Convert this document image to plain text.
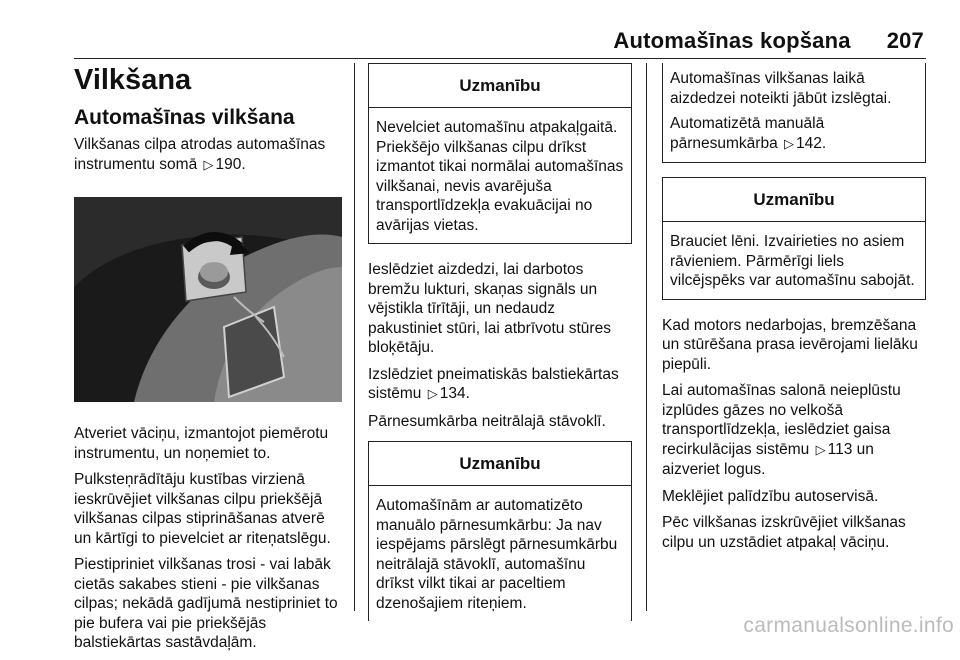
Automašīnas kopšana 207
Vilkšana
Automašīnas vilkšana

Vilkšanas cilpa atrodas automašīnas instrumentu somā ▷ 190.

Atveriet vāciņu, izmantojot piemērotu instrumentu, un noņemiet to.

Pulksteņrādītāju kustības virzienā ieskrūvējiet vilkšanas cilpu priekšējā vilkšanas cilpas stiprināšanas atverē un kārtīgi to pievelciet ar riteņatslēgu.

Piestipriniet vilkšanas trosi - vai labāk cietās sakabes stieni - pie vilkšanas cilpas; nekādā gadījumā nestipriniet to pie bufera vai pie priekšējās balstiekārtas sastāvdaļām.

Uzmanību

Nevelciet automašīnu atpakaļgaitā. Priekšējo vilkšanas cilpu drīkst izmantot tikai normālai automašīnas vilkšanai, nevis avarējuša transportlīdzekļa evakuācijai no avārijas vietas.

Ieslēdziet aizdedzi, lai darbotos bremžu lukturi, skaņas signāls un vējstikla tīrītāji, un nedaudz pakustiniet stūri, lai atbrīvotu stūres bloķētāju.

Izslēdziet pneimatiskās balstiekārtas sistēmu ▷ 134.

Pārnesumkārba neitrālajā stāvoklī.

Uzmanību

Automašīnām ar automatizēto manuālo pārnesumkārbu: Ja nav iespējams pārslēgt pārnesumkārbu neitrālajā stāvoklī, automašīnu drīkst vilkt tikai ar paceltiem dzenošajiem riteņiem.

Automašīnas vilkšanas laikā aizdedzei noteikti jābūt izslēgtai.

Automatizētā manuālā pārnesumkārba ▷ 142.

Uzmanību

Brauciet lēni. Izvairieties no asiem rāvieniem. Pārmērīgi liels vilcējspēks var automašīnu sabojāt.

Kad motors nedarbojas, bremzēšana un stūrēšana prasa ievērojami lielāku piepūli.

Lai automašīnas salonā neieplūstu izplūdes gāzes no velkošā transportlīdzekļa, ieslēdziet gaisa recirkulācijas sistēmu ▷ 113 un aizveriet logus.

Meklējiet palīdzību autoservisā.

Pēc vilkšanas izskrūvējiet vilkšanas cilpu un uzstādiet atpakaļ vāciņu.

carmanualsonline.info
